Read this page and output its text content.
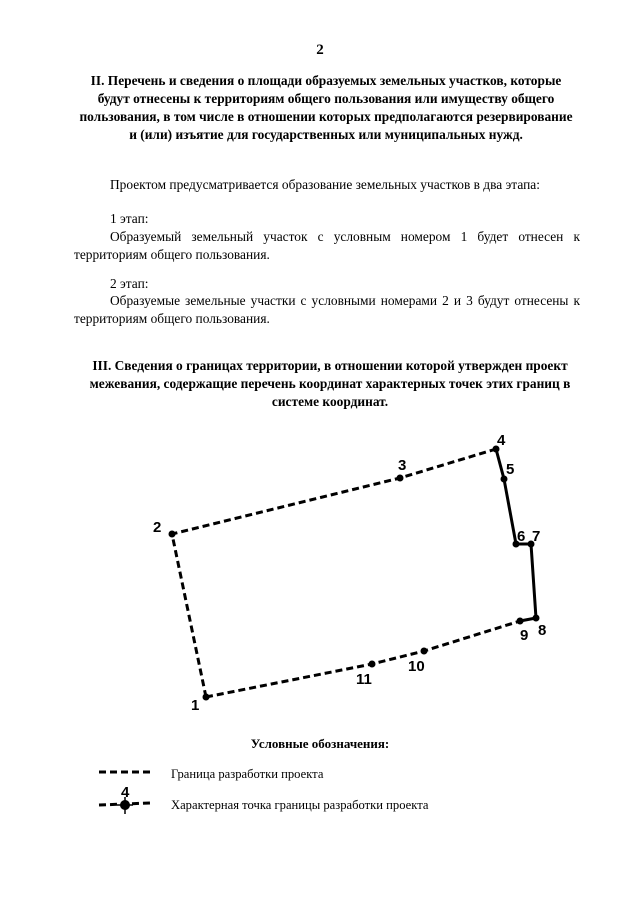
2
II. Перечень и сведения о площади образуемых земельных участков, которые будут отнесены к территориям общего пользования или имуществу общего пользования, в том числе в отношении которых предполагаются резервирование и (или) изъятие для государственных или муниципальных нужд.
Проектом предусматривается образование земельных участков в два этапа:
1 этап:
Образуемый земельный участок с условным номером 1 будет отнесен к территориям общего пользования.
2 этап:
Образуемые земельные участки с условными номерами 2 и 3 будут отнесены к территориям общего пользования.
III. Сведения о границах территории, в отношении которой утвержден проект межевания, содержащие перечень координат характерных точек этих границ в системе координат.
1
2
3
4
5
6 7
8
9
10
11
4
Условные обозначения:
Граница разработки проекта
Характерная точка границы разработки проекта
